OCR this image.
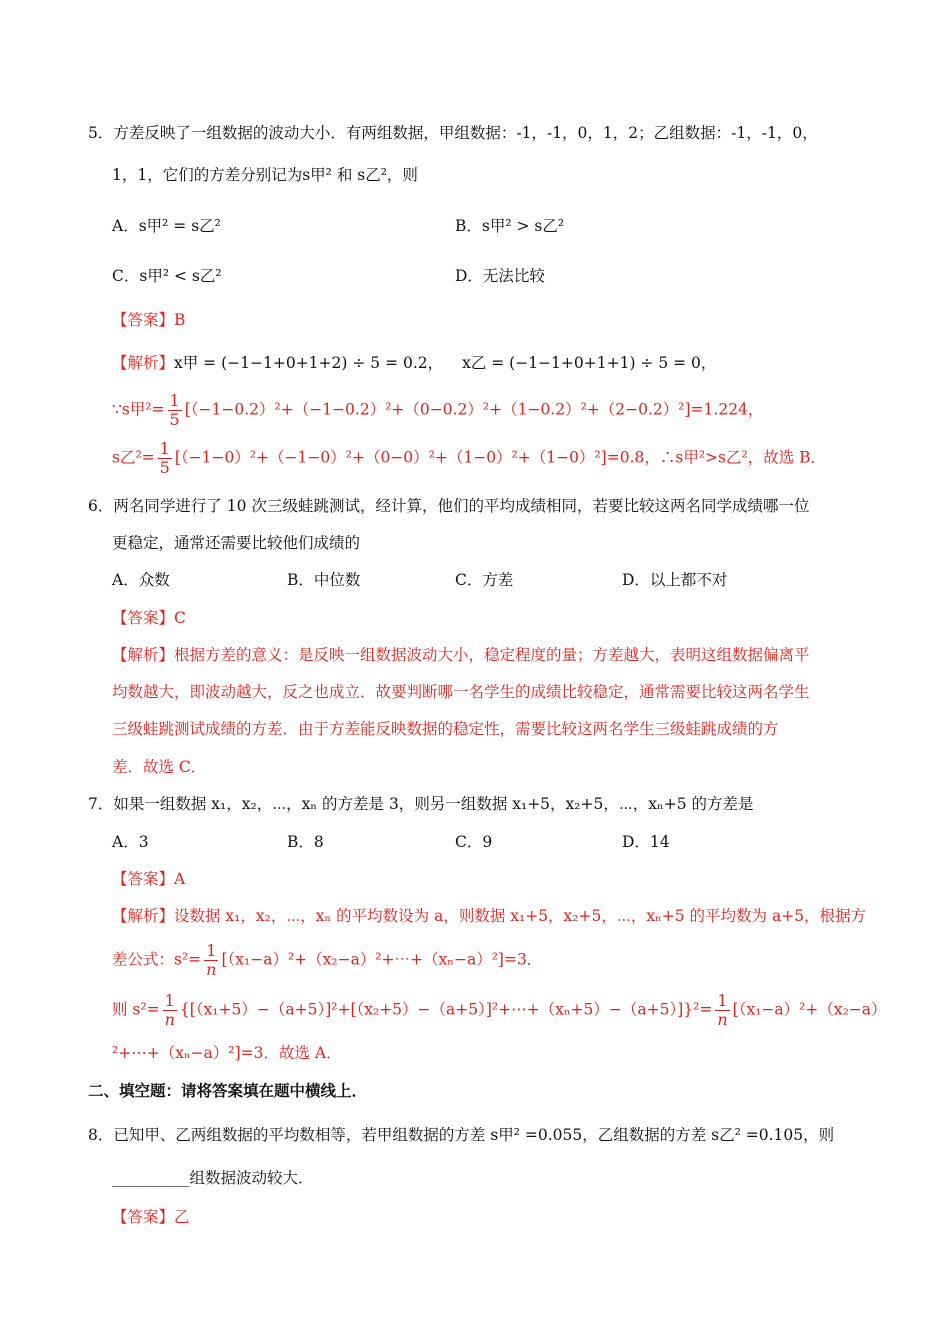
5．方差反映了一组数据的波动大小．有两组数据，甲组数据：-1，-1，0，1，2；乙组数据：-1，-1，0，
1，1，它们的方差分别记为s甲² 和 s乙²，则
A．s甲² = s乙²	B．s甲² > s乙²
C．s甲² < s乙²	D．无法比较
【答案】B
【解析】x甲 = (−1−1+0+1+2) ÷ 5 = 0.2， x乙 = (−1−1+0+1+1) ÷ 5 = 0，
∵s甲$^2= \frac{1}{5} [(-1-0.2)^2+(-1-0.2)^2+(0-0.2)^2+(1-0.2)^2+(2-0.2)^2]=1.224$，
s乙$^2= \frac{1}{5} [(-1-0)^2+(-1-0)^2+(0-0)^2+(1-0)^2+(1-0)^2]=0.8$，∴s甲²>s乙²，故选 B．
6．两名同学进行了 10 次三级蛙跳测试，经计算，他们的平均成绩相同，若要比较这两名同学成绩哪一位
更稳定，通常还需要比较他们成绩的
A．众数	B．中位数	C．方差	D．以上都不对
【答案】C
【解析】根据方差的意义：是反映一组数据波动大小，稳定程度的量；方差越大，表明这组数据偏离平
均数越大，即波动越大，反之也成立．故要判断哪一名学生的成绩比较稳定，通常需要比较这两名学生
三级蛙跳测试成绩的方差．由于方差能反映数据的稳定性，需要比较这两名学生三级蛙跳成绩的方
差．故选 C．
7．如果一组数据 x₁，x₂，⋯，xₙ 的方差是 3，则另一组数据 x₁+5，x₂+5，⋯，xₙ+5 的方差是
A．3	B．8	C．9	D．14
【答案】A
【解析】设数据 x₁，x₂，⋯，xₙ 的平均数设为 a，则数据 x₁+5，x₂+5，⋯，xₙ+5 的平均数为 a+5，根据方
差公式：$s^2= \frac{1}{n}$ [（x₁−a）²+（x₂−a）²+⋯+（xₙ−a）²]=3．
则 $s^2= \frac{1}{n}$ {[（x₁+5）−（a+5）]²+[（x₂+5）−（a+5）]²+⋯+（xₙ+5）−（a+5）]}²= $\frac{1}{n} [(x_1-a)^2+(x_2-a)$
²+⋯+（xₙ−a）²]=3．故选 A．
二、填空题：请将答案填在题中横线上．
8．已知甲、乙两组数据的平均数相等，若甲组数据的方差 s甲² =0.055，乙组数据的方差 s乙² =0.105，则
__________组数据波动较大．
【答案】乙
